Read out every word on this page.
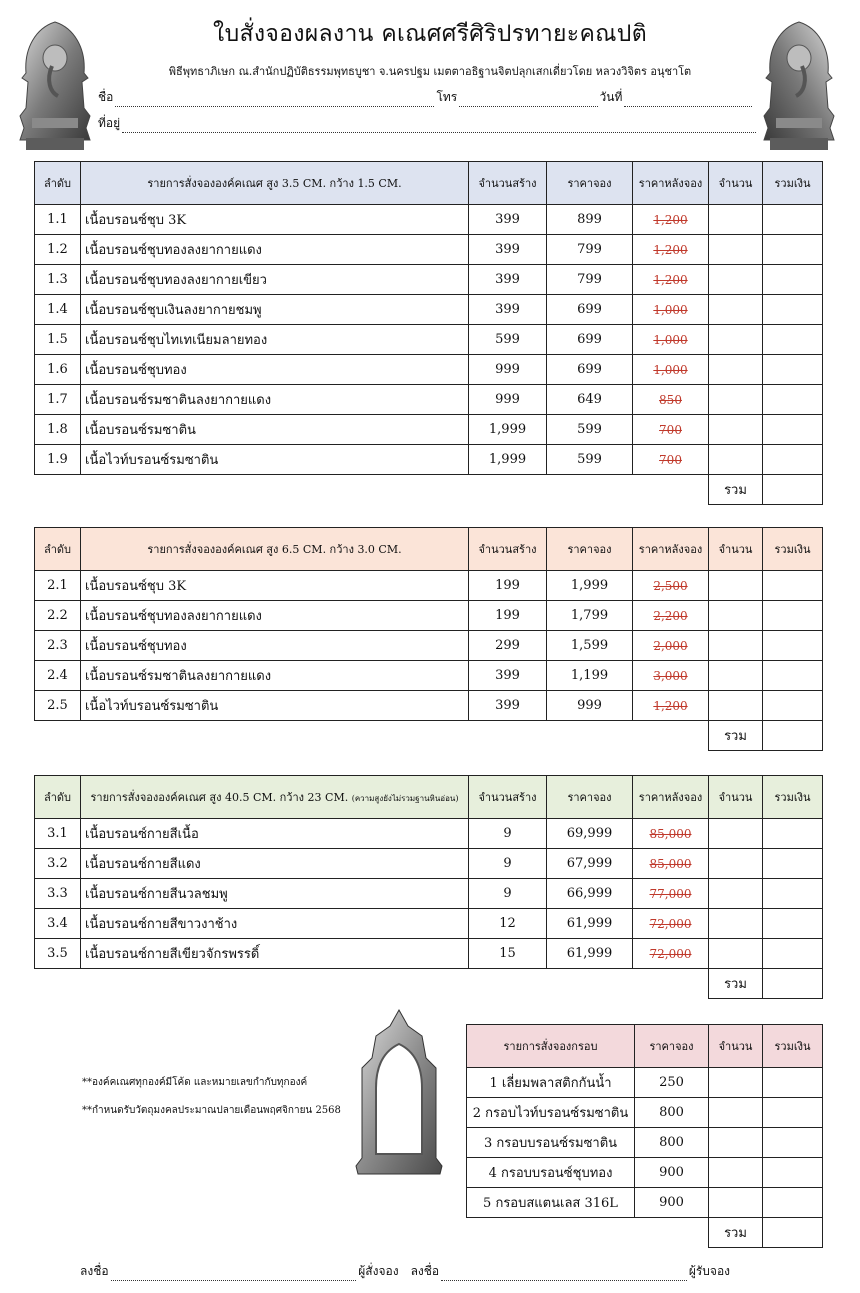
ใบสั่งจองผลงาน คเณศศรีศิริปรทายะคณปติ
พิธีพุทธาภิเษก ณ.สำนักปฏิบัติธรรมพุทธบูชา จ.นครปฐม เมตตาอธิฐานจิตปลุกเสกเดี่ยวโดย หลวงวิจิตร อนุชาโต
ชื่อ	โทร	วันที่
ที่อยู่
ลำดับ	รายการสั่งจององค์คเณศ สูง 3.5 CM. กว้าง 1.5 CM.	จำนวนสร้าง	ราคาจอง	ราคาหลังจอง	จำนวน	รวมเงิน
1.1	เนื้อบรอนซ์ชุบ 3K	399	899	1,200		
1.2	เนื้อบรอนซ์ชุบทองลงยากายแดง	399	799	1,200		
1.3	เนื้อบรอนซ์ชุบทองลงยากายเขียว	399	799	1,200		
1.4	เนื้อบรอนซ์ชุบเงินลงยากายชมพู	399	699	1,000		
1.5	เนื้อบรอนซ์ชุบไทเทเนียมลายทอง	599	699	1,000		
1.6	เนื้อบรอนซ์ชุบทอง	999	699	1,000		
1.7	เนื้อบรอนซ์รมซาตินลงยากายแดง	999	649	850		
1.8	เนื้อบรอนซ์รมซาติน	1,999	599	700		
1.9	เนื้อไวท์บรอนซ์รมซาติน	1,999	599	700		
					รวม	
ลำดับ	รายการสั่งจององค์คเณศ สูง 6.5 CM. กว้าง 3.0 CM.	จำนวนสร้าง	ราคาจอง	ราคาหลังจอง	จำนวน	รวมเงิน
2.1	เนื้อบรอนซ์ชุบ 3K	199	1,999	2,500		
2.2	เนื้อบรอนซ์ชุบทองลงยากายแดง	199	1,799	2,200		
2.3	เนื้อบรอนซ์ชุบทอง	299	1,599	2,000		
2.4	เนื้อบรอนซ์รมซาตินลงยากายแดง	399	1,199	3,000		
2.5	เนื้อไวท์บรอนซ์รมซาติน	399	999	1,200		
					รวม	
ลำดับ	รายการสั่งจององค์คเณศ สูง 40.5 CM. กว้าง 23 CM. (ความสูงยังไม่รวมฐานหินอ่อน)	จำนวนสร้าง	ราคาจอง	ราคาหลังจอง	จำนวน	รวมเงิน
3.1	เนื้อบรอนซ์กายสีเนื้อ	9	69,999	85,000		
3.2	เนื้อบรอนซ์กายสีแดง	9	67,999	85,000		
3.3	เนื้อบรอนซ์กายสีนวลชมพู	9	66,999	77,000		
3.4	เนื้อบรอนซ์กายสีขาวงาช้าง	12	61,999	72,000		
3.5	เนื้อบรอนซ์กายสีเขียวจักรพรรดิ์	15	61,999	72,000		
					รวม	
**องค์คเณศทุกองค์มีโค้ด และหมายเลขกำกับทุกองค์
**กำหนดรับวัตถุมงคลประมาณปลายเดือนพฤศจิกายน 2568
รายการสั่งจองกรอบ	ราคาจอง	จำนวน	รวมเงิน
1 เลี่ยมพลาสติกกันน้ำ	250		
2 กรอบไวท์บรอนซ์รมซาติน	800		
3 กรอบบรอนซ์รมซาติน	800		
4 กรอบบรอนซ์ชุบทอง	900		
5 กรอบสแตนเลส 316L	900		
		รวม	
ลงชื่อ	ผู้สั่งจอง ลงชื่อ	ผู้รับจอง
